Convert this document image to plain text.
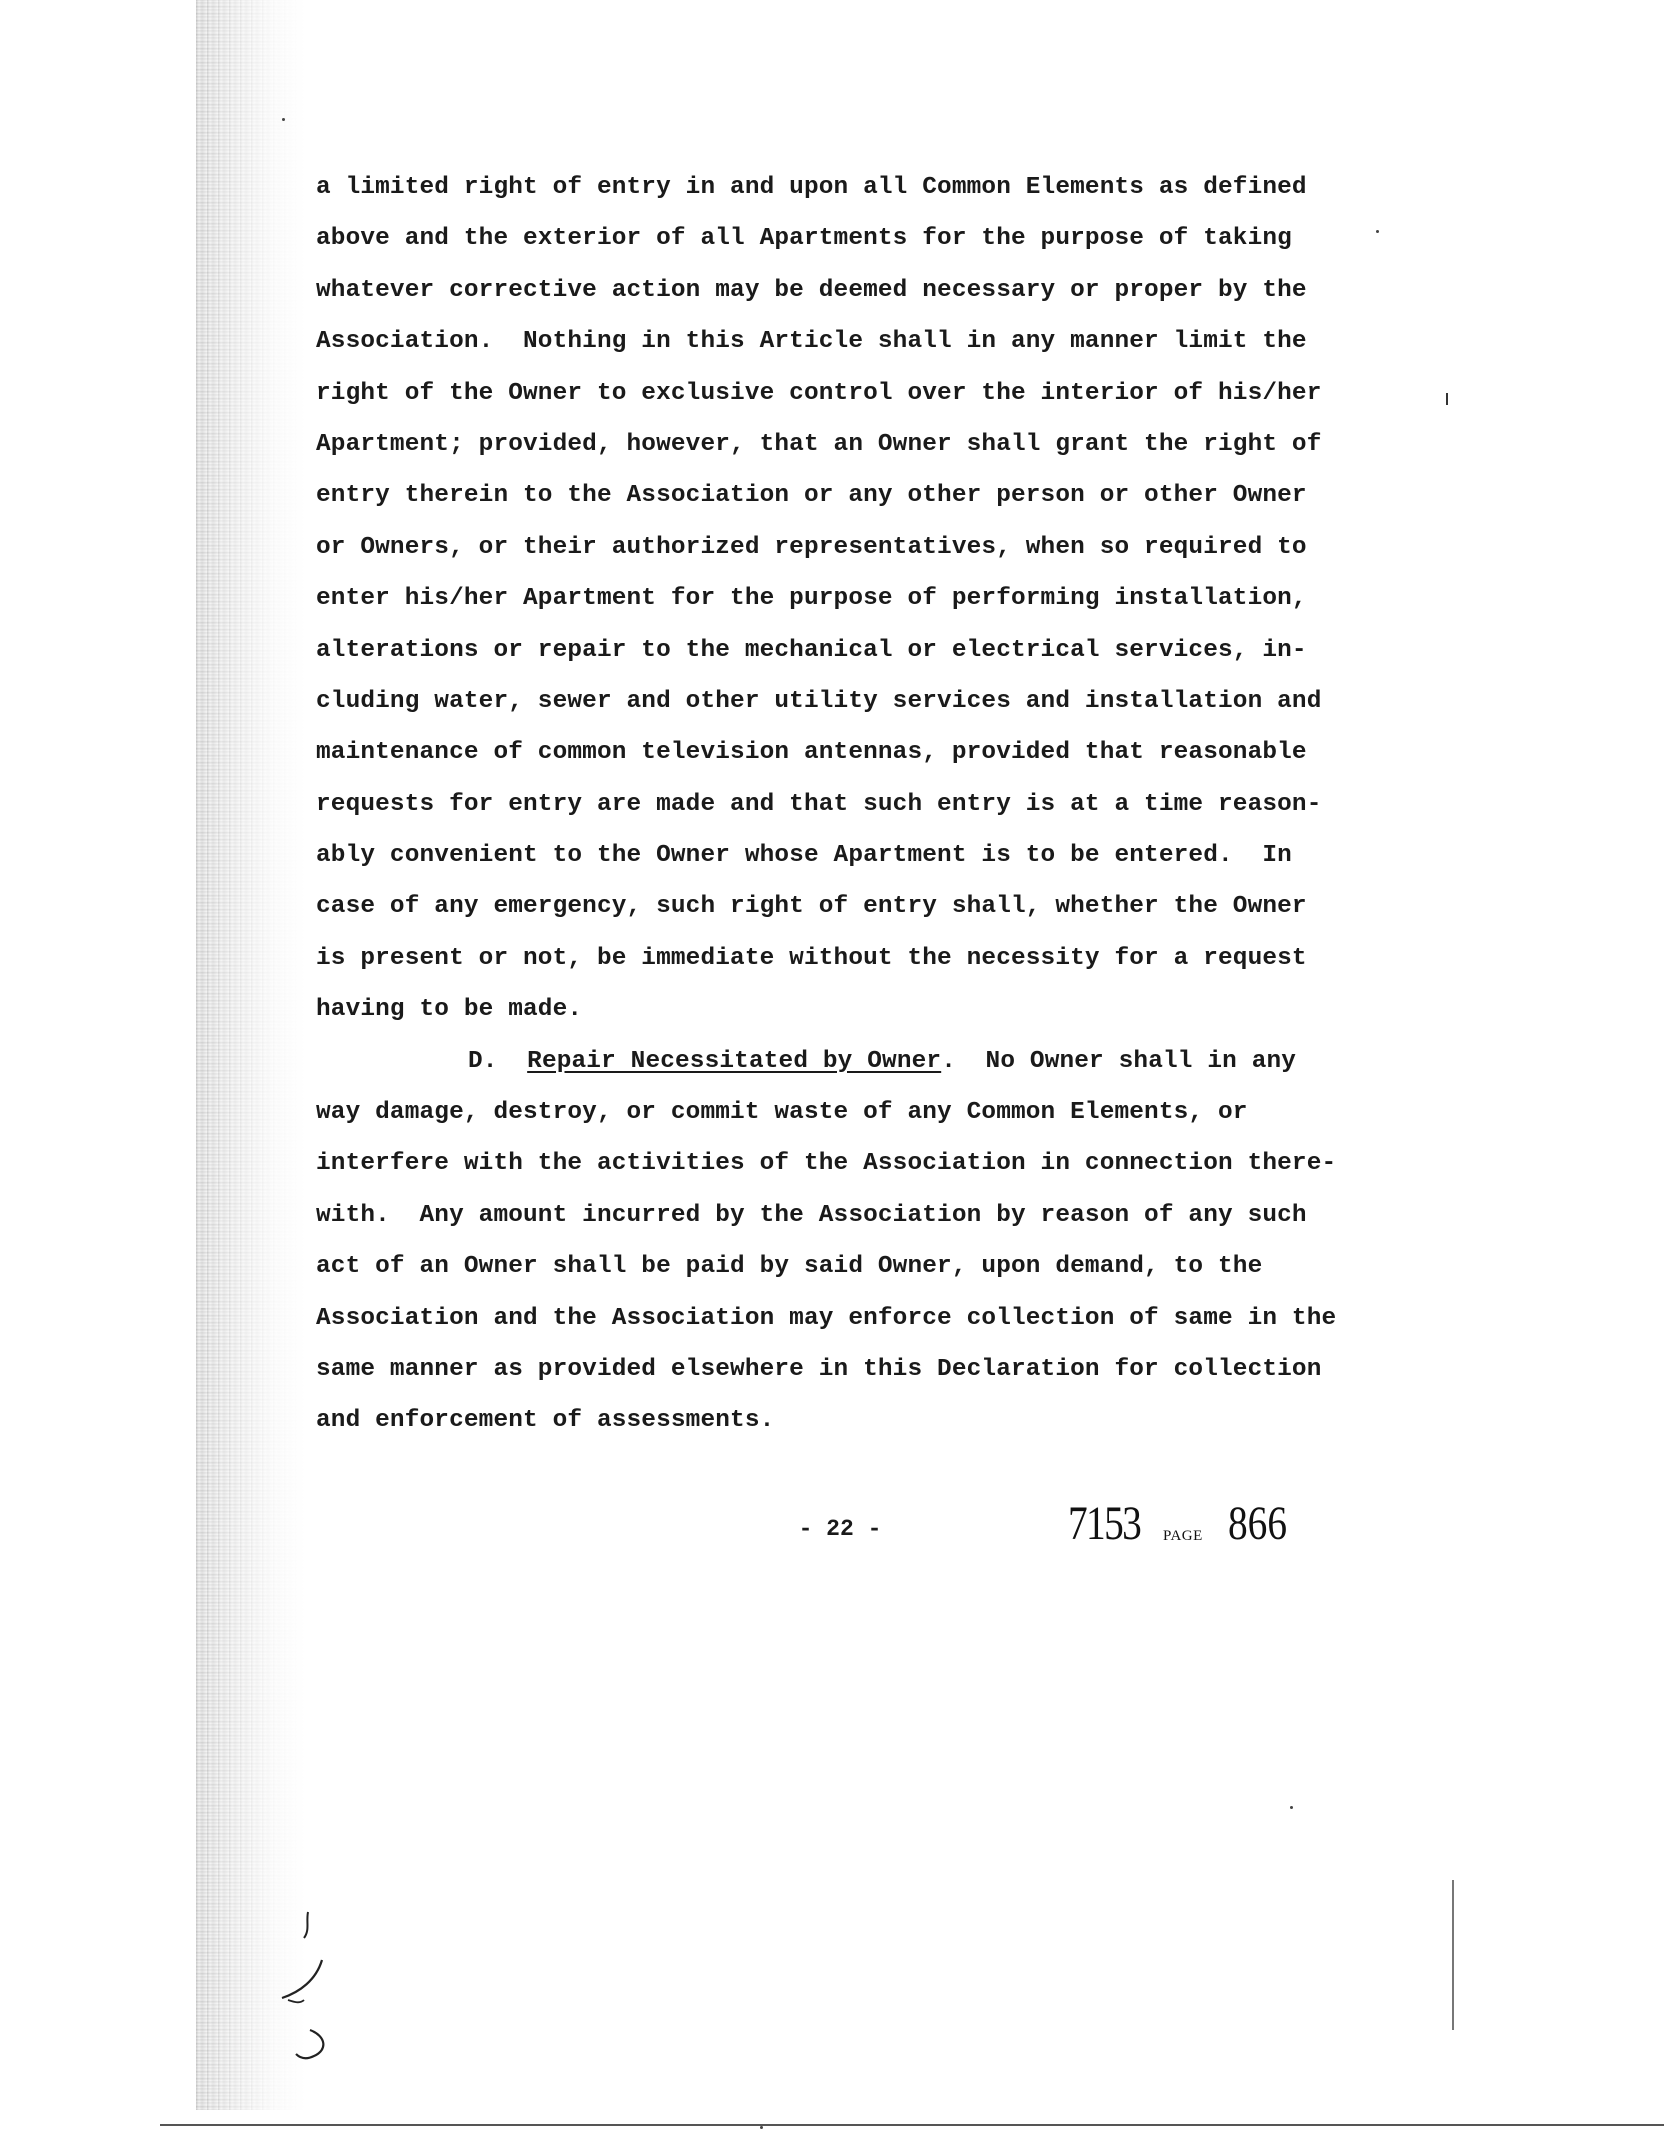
a limited right of entry in and upon all Common Elements as defined
above and the exterior of all Apartments for the purpose of taking
whatever corrective action may be deemed necessary or proper by the
Association.  Nothing in this Article shall in any manner limit the
right of the Owner to exclusive control over the interior of his/her
Apartment; provided, however, that an Owner shall grant the right of
entry therein to the Association or any other person or other Owner
or Owners, or their authorized representatives, when so required to
enter his/her Apartment for the purpose of performing installation,
alterations or repair to the mechanical or electrical services, in-
cluding water, sewer and other utility services and installation and
maintenance of common television antennas, provided that reasonable
requests for entry are made and that such entry is at a time reason-
ably convenient to the Owner whose Apartment is to be entered.  In
case of any emergency, such right of entry shall, whether the Owner
is present or not, be immediate without the necessity for a request
having to be made.
D. Repair Necessitated by Owner.  No Owner shall in any
way damage, destroy, or commit waste of any Common Elements, or
interfere with the activities of the Association in connection there-
with.  Any amount incurred by the Association by reason of any such
act of an Owner shall be paid by said Owner, upon demand, to the
Association and the Association may enforce collection of same in the
same manner as provided elsewhere in this Declaration for collection
and enforcement of assessments.
- 22 -	7153 PAGE 866
